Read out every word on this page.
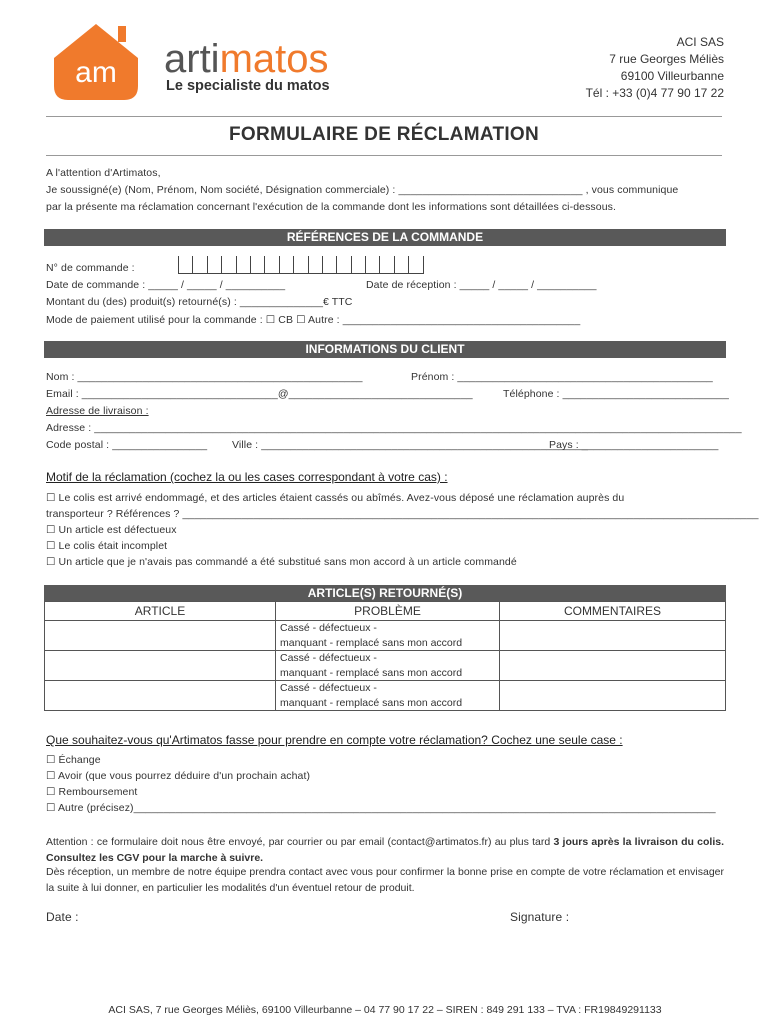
am artimatos
Le specialiste du matos
ACI SAS
7 rue Georges Méliès
69100 Villeurbanne
Tél : +33 (0)4 77 90 17 22
FORMULAIRE DE RÉCLAMATION
A l'attention d'Artimatos,
Je soussigné(e) (Nom, Prénom, Nom société, Désignation commerciale) : _______________________________ , vous communique
par la présente ma réclamation concernant l'exécution de la commande dont les informations sont détaillées ci-dessous.
RÉFÉRENCES DE LA COMMANDE
N° de commande :
Date de commande : _____ / _____ / __________	Date de réception : _____ / _____ / __________
Montant du (des) produit(s) retourné(s) : ______________€ TTC
Mode de paiement utilisé pour la commande : ☐ CB ☐ Autre : ________________________________________
INFORMATIONS DU CLIENT
Nom : ________________________________________________	Prénom : ___________________________________________
Email : _________________________________@_______________________________	Téléphone : ____________________________
Adresse de livraison :
Adresse : _____________________________________________________________________________________________________________
Code postal : ________________ Ville : _______________________________________________________
Pays : _______________________
Motif de la réclamation (cochez la ou les cases correspondant à votre cas) :
☐ Le colis est arrivé endommagé, et des articles étaient cassés ou abîmés. Avez-vous déposé une réclamation auprès du
transporteur ? Références ? _________________________________________________________________________________________________
☐ Un article est défectueux
☐ Le colis était incomplet
☐ Un article que je n'avais pas commandé a été substitué sans mon accord à un article commandé
ARTICLE(S) RETOURNÉ(S)
ARTICLE	PROBLÈME	COMMENTAIRES

	Cassé - défectueux -
manquant - remplacé sans mon accord	

	Cassé - défectueux -
manquant - remplacé sans mon accord	

	Cassé - défectueux -
manquant - remplacé sans mon accord	

Que souhaitez-vous qu'Artimatos fasse pour prendre en compte votre réclamation? Cochez une seule case :
☐ Échange
☐ Avoir (que vous pourrez déduire d'un prochain achat)
☐ Remboursement
☐ Autre (précisez)__________________________________________________________________________________________________
Attention : ce formulaire doit nous être envoyé, par courrier ou par email (contact@artimatos.fr) au plus tard 3 jours après la livraison du colis. Consultez les CGV pour la marche à suivre.
Dès réception, un membre de notre équipe prendra contact avec vous pour confirmer la bonne prise en compte de votre réclamation et envisager la suite à lui donner, en particulier les modalités d'un éventuel retour de produit.
Date :	Signature :
ACI SAS, 7 rue Georges Méliès, 69100 Villeurbanne – 04 77 90 17 22 – SIREN : 849 291 133 – TVA : FR19849291133
